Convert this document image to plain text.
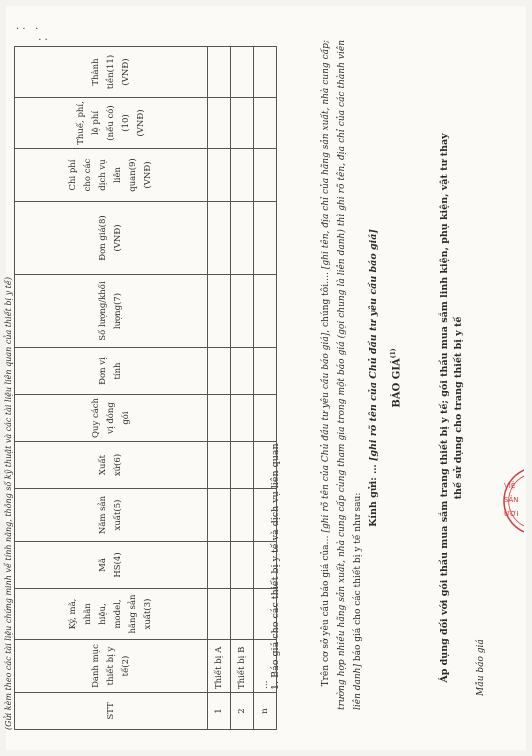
· ·   ·
· ·
Mẫu báo giá
Áp dụng đối với gói thầu mua sắm trang thiết bị y tế; gói thầu mua sắm linh kiện, phụ kiện, vật tư thay thế sử dụng cho trang thiết bị y tế
BÁO GIÁ$^{(1)}$
Kính gửi: … [ghi rõ tên của Chủ đầu tư yêu cầu báo giá]
Trên cơ sở yêu cầu báo giá của… [ghi rõ tên của Chủ đầu tư yêu cầu báo giá], chúng tôi…. [ghi tên, địa chỉ của hãng sản xuất, nhà cung cấp; trường hợp nhiều hãng sản xuất, nhà cung cấp cùng tham gia trong một báo giá (gọi chung là liên danh) thì ghi rõ tên, địa chỉ của các thành viên liên danh] báo giá cho các thiết bị y tế như sau:
1. Báo giá cho các thiết bị y tế và dịch vụ liên quan
STT	Danh mục thiết bị y tế(2)	Ký, mã, nhãn hiệu, model, hãng sản xuất(3)	Mã HS(4)	Năm sản xuất(5)	Xuất xứ(6)	Quy cách vị đóng gói	Đơn vị tính	Số lượng/khối lượng(7)	Đơn giá(8) (VNĐ)	Chi phí cho các dịch vụ liên quan(9) (VNĐ)	Thuế, phí, lệ phí (nếu có)(10) (VNĐ)	Thành tiền(11) (VNĐ)
1	Thiết bị A											
2	Thiết bị B											
n	…											
(Gửi kèm theo các tài liệu chứng minh về tính năng, thông số kỹ thuật và các tài liệu liên quan của thiết bị y tế)	VIỆ
SẢN
ƯƠI
